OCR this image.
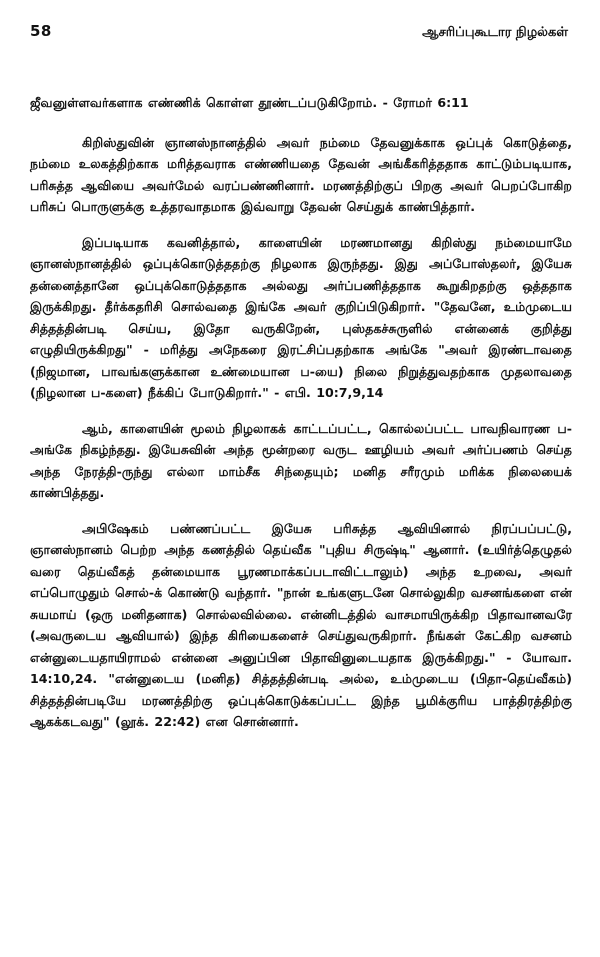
58	ஆசரிப்புகூடார நிழல்கள்

ஜீவனுள்ளவர்களாக எண்ணிக் கொள்ள தூண்டப்படுகிறோம். - ரோமர் 6:11

கிறிஸ்துவின் ஞானஸ்நானத்தில் அவர் நம்மை தேவனுக்காக ஒப்புக் கொடுத்தை, நம்மை உலகத்திற்காக மரித்தவராக எண்ணியதை தேவன் அங்கீகரித்ததாக காட்டும்படியாக, பரிசுத்த ஆவியை அவர்மேல் வரப்பண்ணினார். மரணத்திற்குப் பிறகு அவர் பெறப்போகிற பரிசுப் பொருளுக்கு உத்தரவாதமாக இவ்வாறு தேவன் செய்துக் காண்பித்தார்.

இப்படியாக கவனித்தால், காளையின் மரணமானது கிறிஸ்து நம்மையாமே ஞானஸ்நானத்தில் ஒப்புக்கொடுத்ததற்கு நிழலாக இருந்தது. இது அப்போஸ்தலர், இயேசு தன்னைத்தானே ஒப்புக்கொடுத்ததாக அல்லது அர்ப்பணித்ததாக கூறுகிறதற்கு ஒத்ததாக இருக்கிறது. தீர்க்கதரிசி சொல்வதை இங்கே அவர் குறிப்பிடுகிறார். "தேவனே, உம்முடைய சித்தத்தின்படி செய்ய, இதோ வருகிறேன், புஸ்தகச்சுருளில் என்னைக் குறித்து எழுதியிருக்கிறது" - மரித்து அநேகரை இரட்சிப்பதற்காக அங்கே "அவர் இரண்டாவதை (நிஜமான, பாவங்களுக்கான உண்மையான ப-யை) நிலை நிறுத்துவதற்காக முதலாவதை (நிழலான ப-களை) நீக்கிப் போடுகிறார்." - எபி. 10:7,9,14

ஆம், காளையின் மூலம் நிழலாகக் காட்டப்பட்ட, கொல்லப்பட்ட பாவநிவாரண ப- அங்கே நிகழ்ந்தது. இயேசுவின் அந்த மூன்றரை வருட ஊழியம் அவர் அர்ப்பணம் செய்த அந்த நேரத்தி-ருந்து எல்லா மாம்சீக சிந்தையும்; மனித சரீரமும் மரிக்க நிலையைக் காண்பித்தது.

அபிஷேகம் பண்ணப்பட்ட இயேசு பரிசுத்த ஆவியினால் நிரப்பப்பட்டு, ஞானஸ்நானம் பெற்ற அந்த கணத்தில் தெய்வீக "புதிய சிருஷ்டி" ஆனார். (உயிர்த்தெழுதல் வரை தெய்வீகத் தன்மையாக பூரணமாக்கப்படாவிட்டாலும்) அந்த உறவை, அவர் எப்பொழுதும் சொல்-க் கொண்டு வந்தார். "நான் உங்களுடனே சொல்லுகிற வசனங்களை என் சுயமாய் (ஒரு மனிதனாக) சொல்லவில்லை. என்னிடத்தில் வாசமாயிருக்கிற பிதாவானவரே (அவருடைய ஆவியால்) இந்த கிரியைகளைச் செய்துவருகிறார். நீங்கள் கேட்கிற வசனம் என்னுடையதாயிராமல் என்னை அனுப்பின பிதாவினுடையதாக இருக்கிறது." - யோவா. 14:10,24. "என்னுடைய (மனித) சித்தத்தின்படி அல்ல, உம்முடைய (பிதா-தெய்வீகம்) சித்தத்தின்படியே மரணத்திற்கு ஒப்புக்கொடுக்கப்பட்ட இந்த பூமிக்குரிய பாத்திரத்திற்கு ஆகக்கடவது" (லூக். 22:42) என சொன்னார்.
